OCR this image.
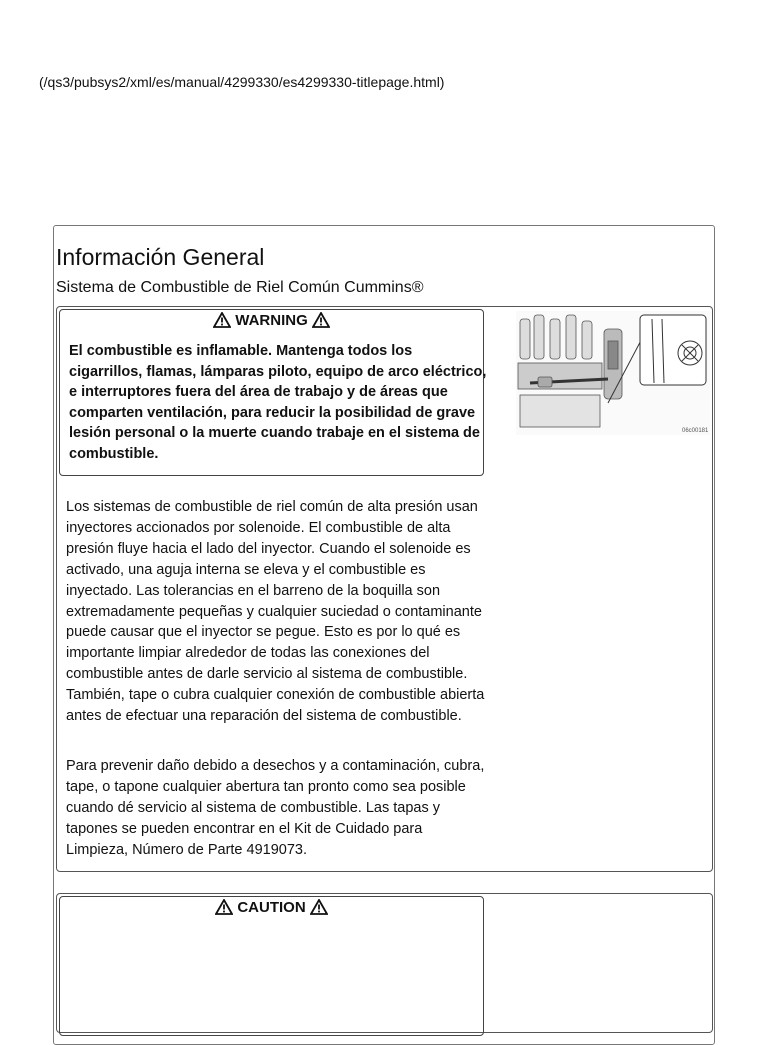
(/qs3/pubsys2/xml/es/manual/4299330/es4299330-titlepage.html)
Información General
Sistema de Combustible de Riel Común Cummins®
WARNING
El combustible es inflamable. Mantenga todos los cigarrillos, flamas, lámparas piloto, equipo de arco eléctrico, e interruptores fuera del área de trabajo y de áreas que comparten ventilación, para reducir la posibilidad de grave lesión personal o la muerte cuando trabaje en el sistema de combustible.
06c00181
Los sistemas de combustible de riel común de alta presión usan inyectores accionados por solenoide. El combustible de alta presión fluye hacia el lado del inyector. Cuando el solenoide es activado, una aguja interna se eleva y el combustible es inyectado. Las tolerancias en el barreno de la boquilla son extremadamente pequeñas y cualquier suciedad o contaminante puede causar que el inyector se pegue. Esto es por lo qué es importante limpiar alrededor de todas las conexiones del combustible antes de darle servicio al sistema de combustible. También, tape o cubra cualquier conexión de combustible abierta antes de efectuar una reparación del sistema de combustible.
Para prevenir daño debido a desechos y a contaminación, cubra, tape, o tapone cualquier abertura tan pronto como sea posible cuando dé servicio al sistema de combustible. Las tapas y tapones se pueden encontrar en el Kit de Cuidado para Limpieza, Número de Parte 4919073.
CAUTION
